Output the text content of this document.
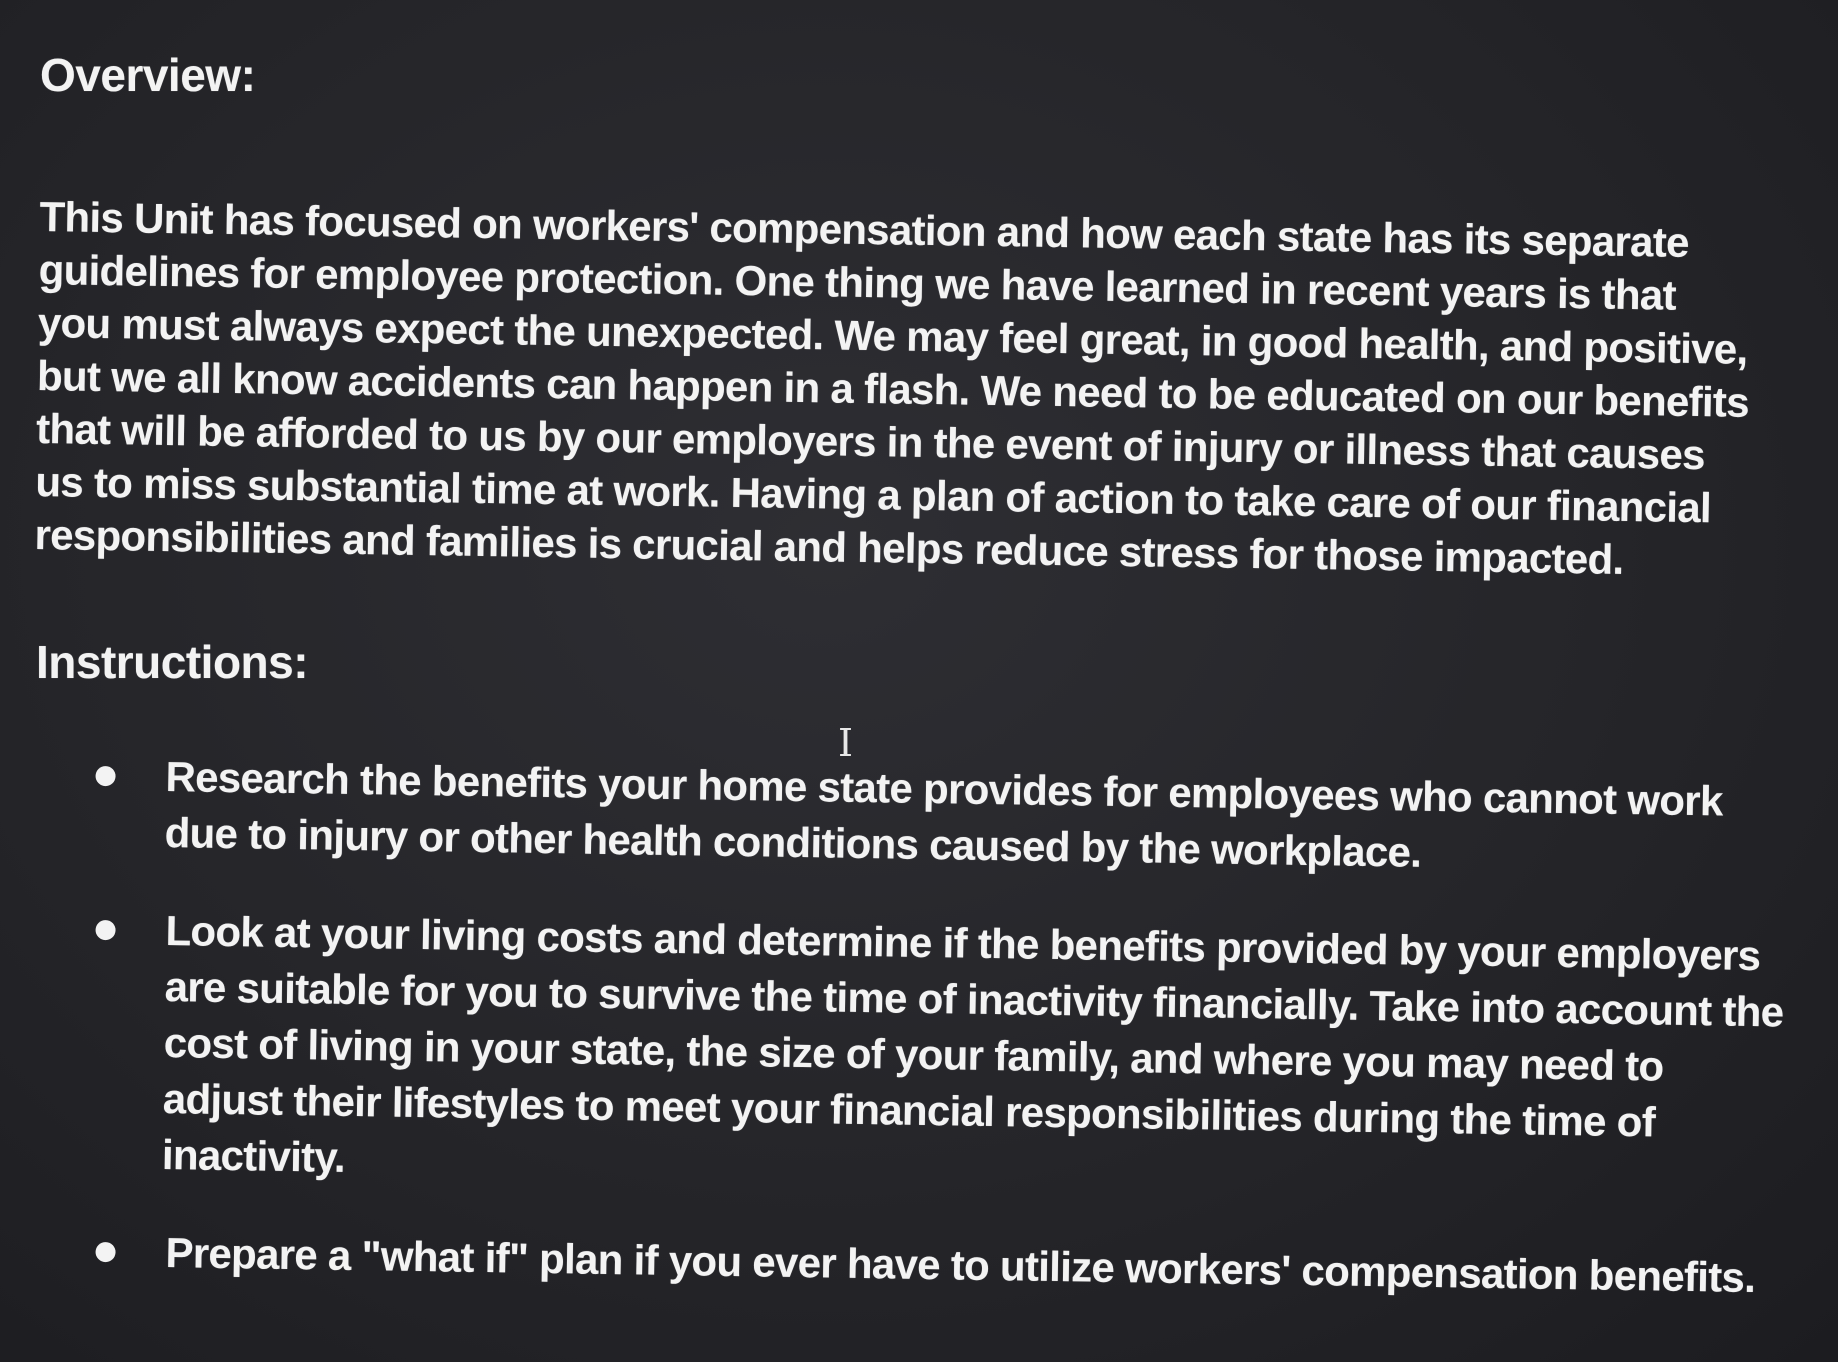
Overview:

This Unit has focused on workers' compensation and how each state has its separate guidelines for employee protection. One thing we have learned in recent years is that you must always expect the unexpected. We may feel great, in good health, and positive, but we all know accidents can happen in a flash. We need to be educated on our benefits that will be afforded to us by our employers in the event of injury or illness that causes us to miss substantial time at work. Having a plan of action to take care of our financial responsibilities and families is crucial and helps reduce stress for those impacted.

Instructions:
Research the benefits your home state provides for employees who cannot work due to injury or other health conditions caused by the workplace.
Look at your living costs and determine if the benefits provided by your employers are suitable for you to survive the time of inactivity financially. Take into account the cost of living in your state, the size of your family, and where you may need to adjust their lifestyles to meet your financial responsibilities during the time of inactivity.
Prepare a "what if" plan if you ever have to utilize workers' compensation benefits.
I
